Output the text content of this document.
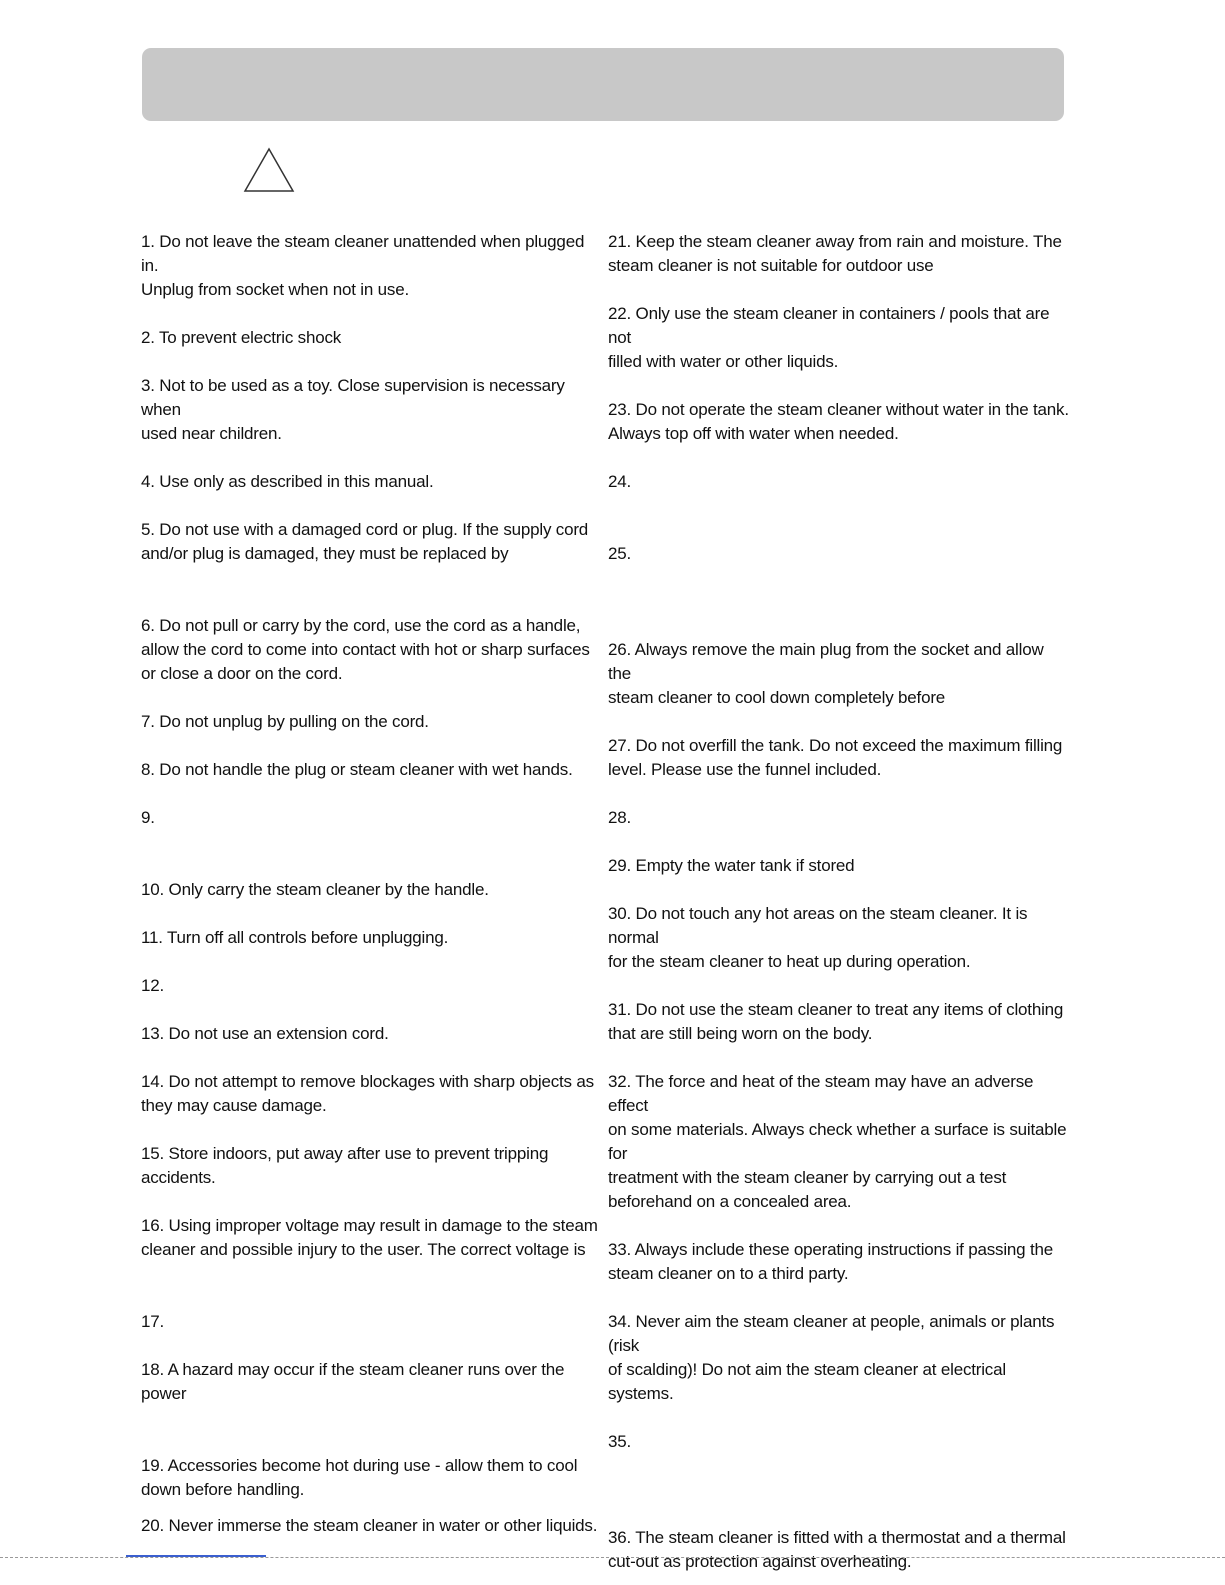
1. Do not leave the steam cleaner unattended when plugged in.
Unplug from socket when not in use.
2. To prevent electric shock
3. Not to be used as a toy. Close supervision is necessary when
used near children.
4. Use only as described in this manual.
5. Do not use with a damaged cord or plug. If the supply cord
and/or plug is damaged, they must be replaced by
6. Do not pull or carry by the cord, use the cord as a handle,
allow the cord to come into contact with hot or sharp surfaces
or close a door on the cord.
7. Do not unplug by pulling on the cord.
8. Do not handle the plug or steam cleaner with wet hands.
9.
10. Only carry the steam cleaner by the handle.
11. Turn off all controls before unplugging.
12.
13. Do not use an extension cord.
14. Do not attempt to remove blockages with sharp objects as
they may cause damage.
15. Store indoors, put away after use to prevent tripping
accidents.
16. Using improper voltage may result in damage to the steam
cleaner and possible injury to the user. The correct voltage is
17.
18. A hazard may occur if the steam cleaner runs over the power
19. Accessories become hot during use - allow them to cool
down before handling.
20. Never immerse the steam cleaner in water or other liquids.
21. Keep the steam cleaner away from rain and moisture. The
steam cleaner is not suitable for outdoor use
22. Only use the steam cleaner in containers / pools that are not
filled with water or other liquids.
23. Do not operate the steam cleaner without water in the tank.
Always top off with water when needed.
24.
25.
26. Always remove the main plug from the socket and allow the
steam cleaner to cool down completely before
27. Do not overfill the tank. Do not exceed the maximum filling
level. Please use the funnel included.
28.
29. Empty the water tank if stored
30. Do not touch any hot areas on the steam cleaner. It is normal
for the steam cleaner to heat up during operation.
31. Do not use the steam cleaner to treat any items of clothing
that are still being worn on the body.
32. The force and heat of the steam may have an adverse effect
on some materials. Always check whether a surface is suitable for
treatment with the steam cleaner by carrying out a test
beforehand on a concealed area.
33. Always include these operating instructions if passing the
steam cleaner on to a third party.
34. Never aim the steam cleaner at people, animals or plants (risk
of scalding)! Do not aim the steam cleaner at electrical systems.
35.
36. The steam cleaner is fitted with a thermostat and a thermal
cut-out as protection against overheating.
